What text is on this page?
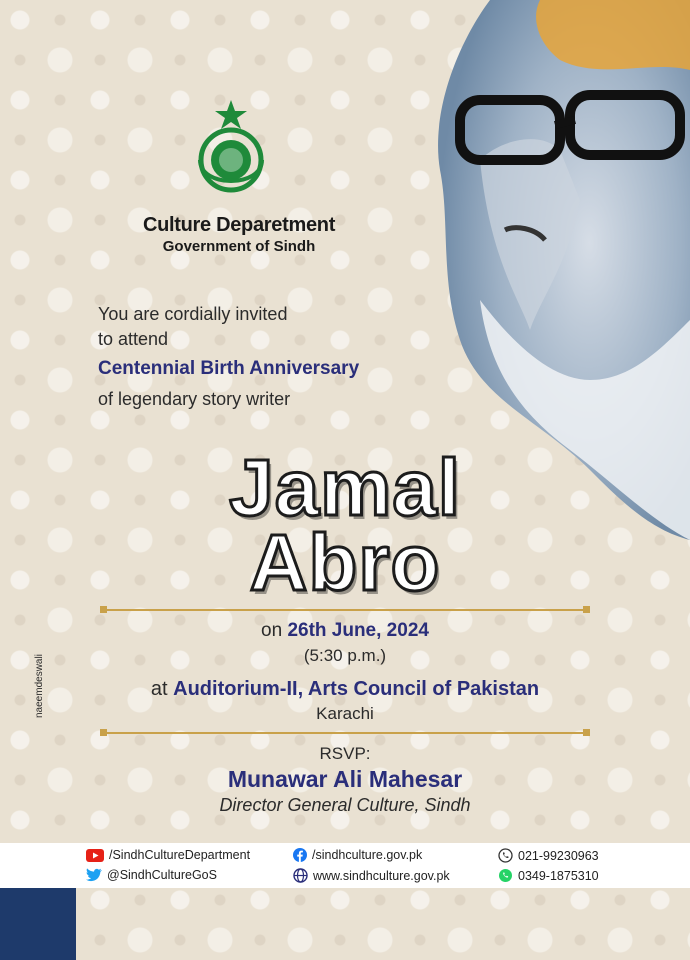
Culture Deparetment
Government of Sindh
You are cordially invited
to attend
Centennial Birth Anniversary
of legendary story writer
Jamal
Abro
on 26th June, 2024
(5:30 p.m.)
at Auditorium-II, Arts Council of Pakistan
Karachi
RSVP:
Munawar Ali Mahesar
Director General Culture, Sindh
naeemdeswali
/SindhCultureDepartment
@SindhCultureGoS
/sindhculture.gov.pk
www.sindhculture.gov.pk
021-99230963
0349-1875310
